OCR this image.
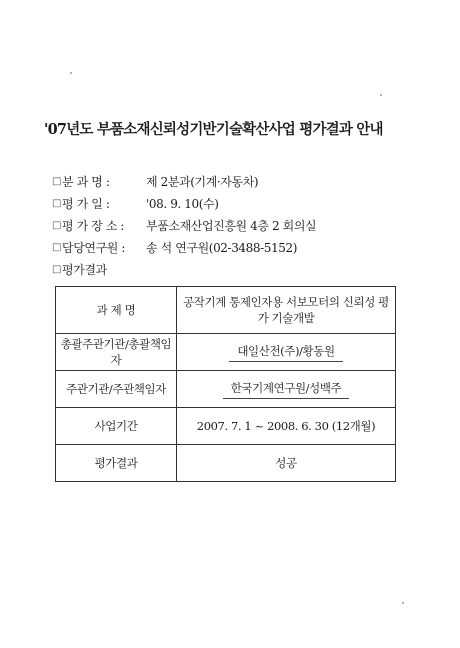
'07년도 부품소재신뢰성기반기술확산사업 평가결과 안내
□ 분 과 명 :	제 2분과(기계·자동차)
□ 평 가 일 :	'08. 9. 10(수)
□ 평 가 장 소 :	부품소재산업진흥원 4층 2 회의실
□ 담당연구원 :	송 석 연구원(02-3488-5152)
□ 평가결과
과 제 명	공작기계 통제인자용 서보모터의 신뢰성 평가 기술개발
총괄주관기관/총괄책임자	대일산전(주)/황동원
주관기관/주관책임자	한국기계연구원/성백주
사업기간	2007. 7. 1 ~ 2008. 6. 30 (12개월)
평가결과	성공
